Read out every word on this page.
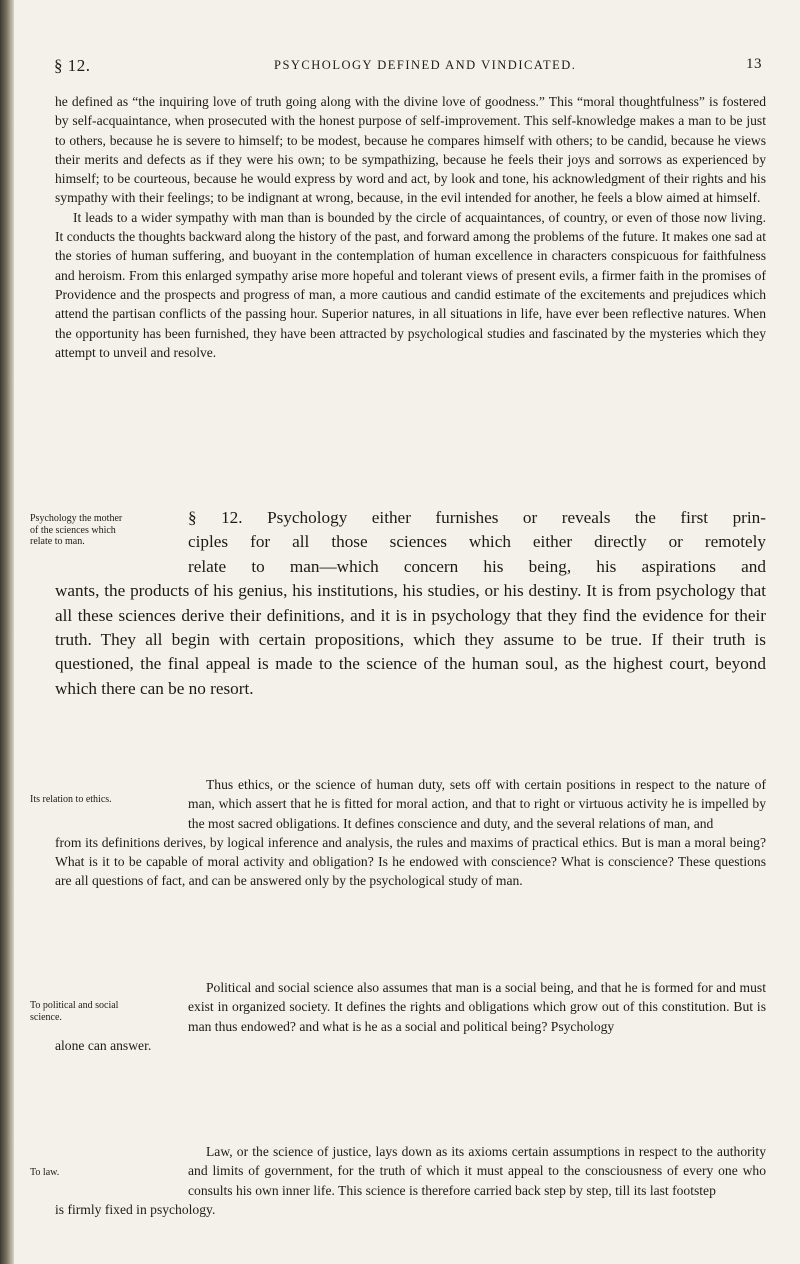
§ 12.	PSYCHOLOGY DEFINED AND VINDICATED.	13

he defined as “the inquiring love of truth going along with the divine love of goodness.” This “moral thoughtfulness” is fostered by self-acquaintance, when prosecuted with the honest purpose of self-improvement. This self-knowledge makes a man to be just to others, because he is severe to himself; to be modest, because he compares himself with others; to be candid, because he views their merits and defects as if they were his own; to be sympathizing, because he feels their joys and sorrows as experienced by himself; to be courteous, because he would express by word and act, by look and tone, his acknowledgment of their rights and his sympathy with their feelings; to be indignant at wrong, because, in the evil intended for another, he feels a blow aimed at himself.

It leads to a wider sympathy with man than is bounded by the circle of acquaintances, of country, or even of those now living. It conducts the thoughts backward along the history of the past, and forward among the problems of the future. It makes one sad at the stories of human suffering, and buoyant in the contemplation of human excellence in characters conspicuous for faithfulness and heroism. From this enlarged sympathy arise more hopeful and tolerant views of present evils, a firmer faith in the promises of Providence and the prospects and progress of man, a more cautious and candid estimate of the excitements and prejudices which attend the partisan conflicts of the passing hour. Superior natures, in all situations in life, have ever been reflective natures. When the opportunity has been furnished, they have been attracted by psychological studies and fascinated by the mysteries which they attempt to unveil and resolve.

Psychology the mother of the sciences which relate to man.
§ 12. Psychology either furnishes or reveals the first prin-
ciples for all those sciences which either directly or remotely
relate to man—which concern his being, his aspirations and
wants, the products of his genius, his institutions, his studies, or his destiny. It is from psychology that all these sciences derive their definitions, and it is in psychology that they find the evidence for their truth. They all begin with certain propositions, which they assume to be true. If their truth is questioned, the final appeal is made to the science of the human soul, as the highest court, beyond which there can be no resort.
Its relation to ethics.
Thus ethics, or the science of human duty, sets off with certain positions in respect to the nature of man, which assert that he is fitted for moral action, and that to right or virtuous activity he is impelled by the most sacred obligations. It defines conscience and duty, and the several relations of man, and
from its definitions derives, by logical inference and analysis, the rules and maxims of practical ethics. But is man a moral being? What is it to be capable of moral activity and obligation? Is he endowed with conscience? What is conscience? These questions are all questions of fact, and can be answered only by the psychological study of man.
To political and social science.
Political and social science also assumes that man is a social being, and that he is formed for and must exist in organized society. It defines the rights and obligations which grow out of this constitution. But is man thus endowed? and what is he as a social and political being? Psychology
alone can answer.
To law.
Law, or the science of justice, lays down as its axioms certain assumptions in respect to the authority and limits of government, for the truth of which it must appeal to the consciousness of every one who consults his own inner life. This science is therefore carried back step by step, till its last footstep
is firmly fixed in psychology.
